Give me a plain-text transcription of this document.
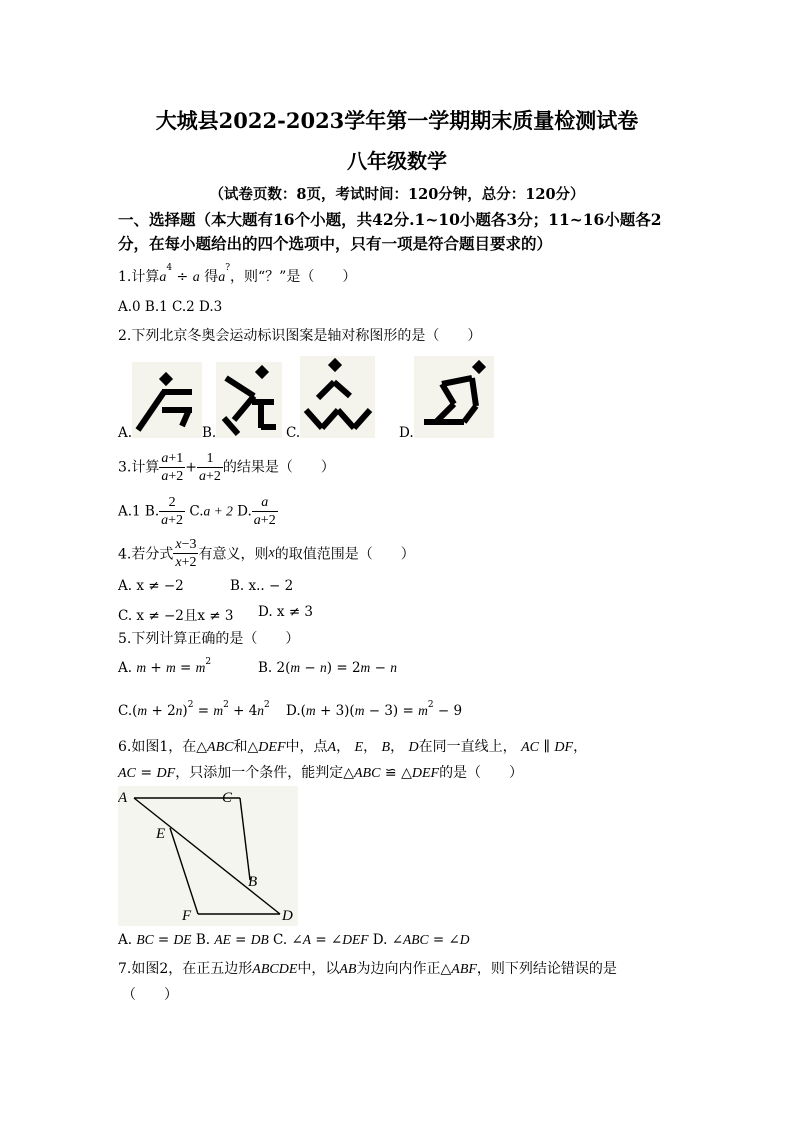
大城县2022-2023学年第一学期期末质量检测试卷
八年级数学
（试卷页数：8页，考试时间：120分钟，总分：120分）
一、选择题（本大题有16个小题，共42分.1~10小题各3分；11~16小题各2
分，在每小题给出的四个选项中，只有一项是符合题目要求的）
1.计算$a^4 \div a$ 得a?，则“？”是（　　）
A.0 B.1 C.2 D.3
2.下列北京冬奥会运动标识图案是轴对称图形的是（　　）
A.	B.	C.	D.
3.计算 $\frac{a+1}{a+2} + \frac{1}{a+2}$ 的结果是（　　）
A.1 B. $\frac{2}{a+2} C.a + 2$ D. $\frac{a}{a+2}$
4.若分式 $\frac{x-3}{x+2}$ 有意义，则x的取值范围是（　　）
A. x ≠ −2	B. x.. − 2
C. x ≠ −2且x ≠ 3 D. x ≠ 3
5.下列计算正确的是（　　）
A. $m + m = m^2$	B. 2(m − n) = 2m − n
$C.(m + 2n)^2 = m^2 + 4n^2$ $D.(m + 3)(m - 3) = m^2 - 9$
6.如图1，在△ABC和△DEF中，点A， E， B， D在同一直线上， AC ∥ DF，
AC = DF，只添加一个条件，能判定△ABC ≌ △DEF的是（　　）
A	C
E
B
F	D
A. BC = DE B. AE = DB C. ∠A = ∠DEF D. ∠ABC = ∠D
7.如图2，在正五边形ABCDE中，以AB为边向内作正△ABF，则下列结论错误的是
（　　）
